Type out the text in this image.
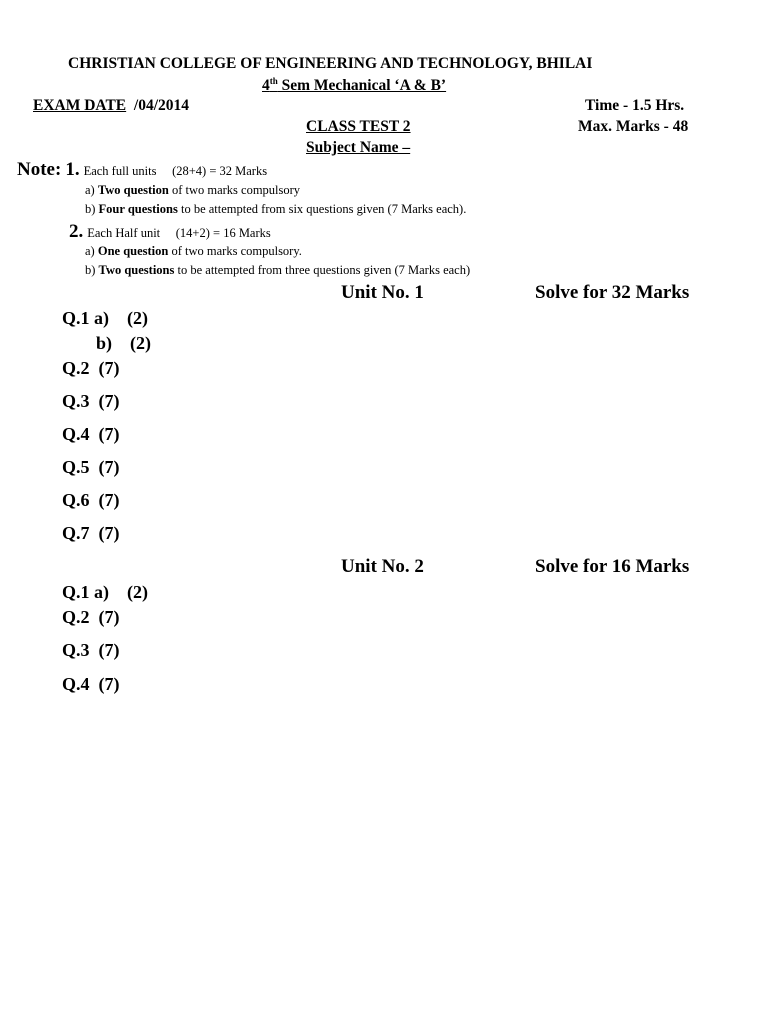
CHRISTIAN COLLEGE OF ENGINEERING AND TECHNOLOGY, BHILAI
4th Sem Mechanical ‘A & B’
EXAM DATE  /04/2014	Time - 1.5 Hrs.
CLASS TEST 2	Max. Marks - 48
Subject Name –
Note: 1. Each full units     (28+4) = 32 Marks
a) Two question of two marks compulsory
b) Four questions to be attempted from six questions given (7 Marks each).
2. Each Half unit     (14+2) = 16 Marks
a) One question of two marks compulsory.
b) Two questions to be attempted from three questions given (7 Marks each)
Unit No. 1	Solve for 32 Marks
Q.1 a)    (2)
b)    (2)
Q.2  (7)
Q.3  (7)
Q.4  (7)
Q.5  (7)
Q.6  (7)
Q.7  (7)
Unit No. 2	Solve for 16 Marks
Q.1 a)    (2)
Q.2  (7)
Q.3  (7)
Q.4  (7)
